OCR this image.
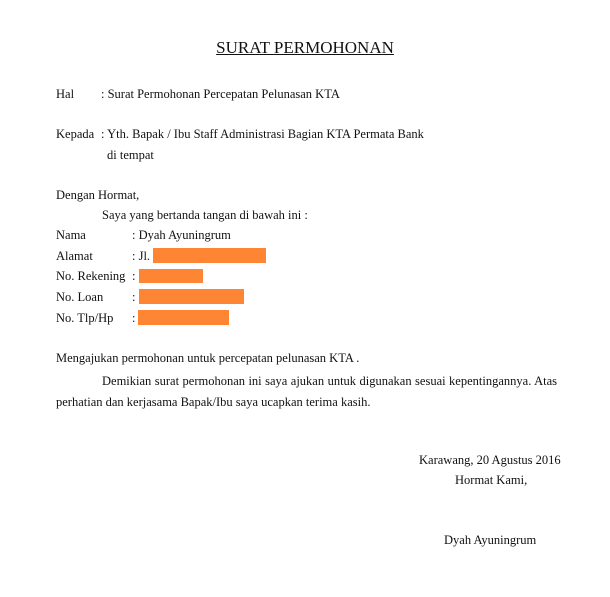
SURAT PERMOHONAN
Hal : Surat Permohonan Percepatan Pelunasan KTA
Kepada : Yth. Bapak / Ibu Staff Administrasi Bagian KTA Permata Bank
di tempat
Dengan Hormat,
Saya yang bertanda tangan di bawah ini :
Nama	: Dyah Ayuningrum
Alamat	: Jl.
No. Rekening :
No. Loan :
No. Tlp/Hp :
Mengajukan permohonan untuk percepatan pelunasan KTA .
Demikian surat permohonan ini saya ajukan untuk digunakan sesuai kepentingannya. Atas perhatian dan kerjasama Bapak/Ibu saya ucapkan terima kasih.
Karawang, 20 Agustus 2016
Hormat Kami,
Dyah Ayuningrum
